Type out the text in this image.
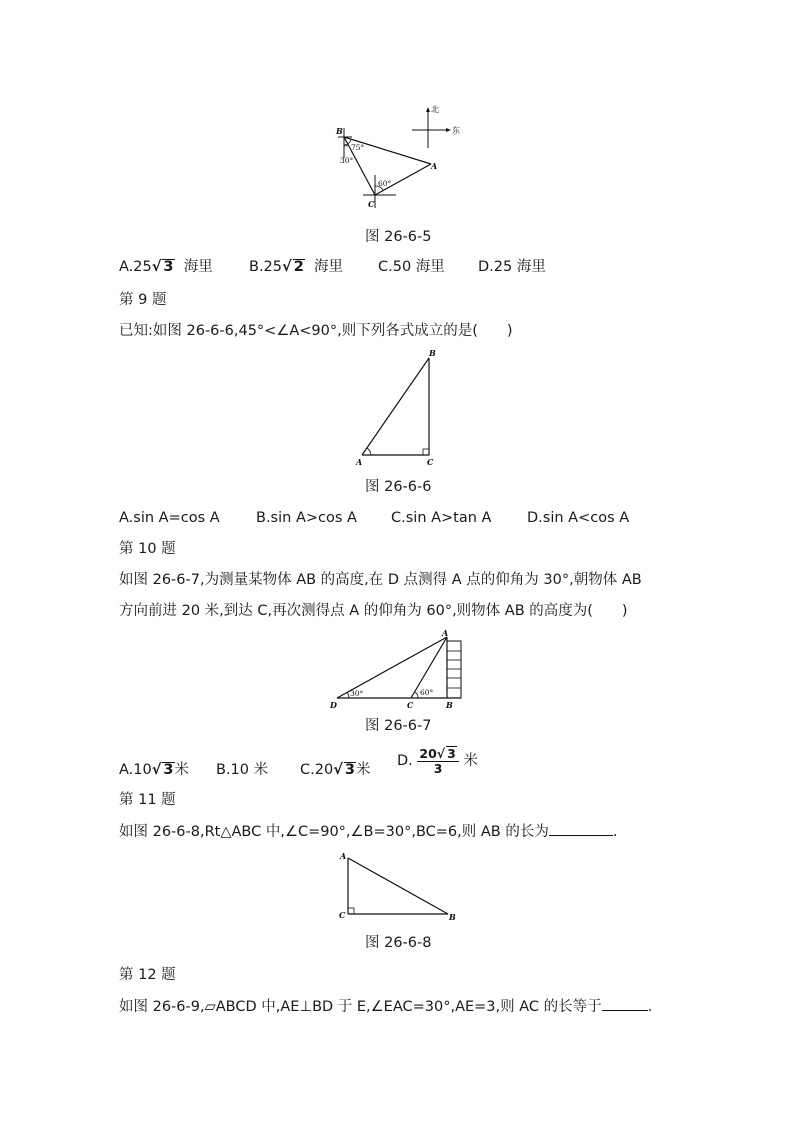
北
东
B
A
C
75°
30°
60°
图 26-6-5
A.25√ 3 海里	B.25√ 2 海里 C.50 海里 D.25 海里
第 9 题
已知:如图 26-6-6,45°<∠A<90°,则下列各式成立的是(　　)
A
B
C
图 26-6-6
A.sin A=cos A	B.sin A>cos A C.sin A>tan A D.sin A<cos A
第 10 题
如图 26-6-7,为测量某物体 AB 的高度,在 D 点测得 A 点的仰角为 30°,朝物体 AB
方向前进 20 米,到达 C,再次测得点 A 的仰角为 60°,则物体 AB 的高度为(　　)
A
B
C
D
30°	60°
图 26-6-7
A.10√ 3米 B.10 米 C.20√ 3米
D. $\frac{20√ 3}{3}$ 米
第 11 题
如图 26-6-8,Rt△ABC 中,∠C=90°,∠B=30°,BC=6,则 AB 的长为	.
A
C	B
图 26-6-8
第 12 题
如图 26-6-9,▱ABCD 中,AE⊥BD 于 E,∠EAC=30°,AE=3,则 AC 的长等于	.
